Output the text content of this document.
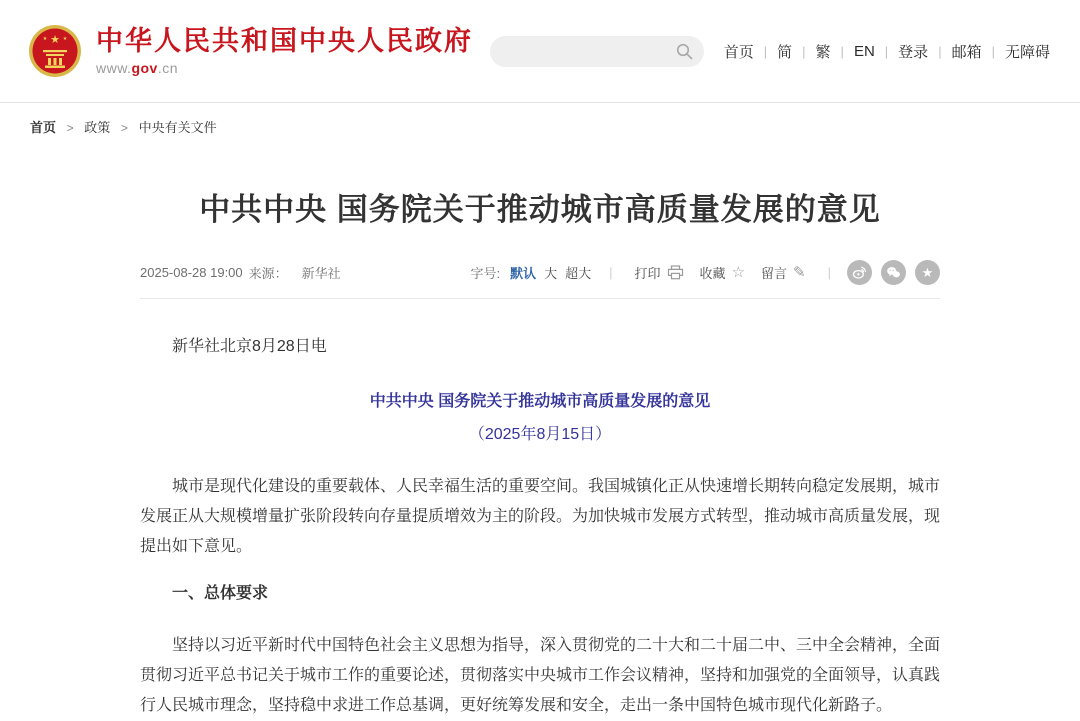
★
★	★ 中华人民共和国中央人民政府
www.gov.cn
首页 | 简 | 繁 | EN | 登录 | 邮箱 | 无障碍
首页 > 政策 > 中央有关文件
中共中央 国务院关于推动城市高质量发展的意见
2025-08-28 19:00 来源： 新华社	字号: 默认 大 超大 | 打印	收藏 ☆ 留言 ✎ |	★

新华社北京8月28日电

中共中央 国务院关于推动城市高质量发展的意见

（2025年8月15日）

城市是现代化建设的重要载体、人民幸福生活的重要空间。我国城镇化正从快速增长期转向稳定发展期，城市发展正从大规模增量扩张阶段转向存量提质增效为主的阶段。为加快城市发展方式转型，推动城市高质量发展，现提出如下意见。

一、总体要求

坚持以习近平新时代中国特色社会主义思想为指导，深入贯彻党的二十大和二十届二中、三中全会精神，全面贯彻习近平总书记关于城市工作的重要论述，贯彻落实中央城市工作会议精神，坚持和加强党的全面领导，认真践行人民城市理念，坚持稳中求进工作总基调，更好统筹发展和安全，走出一条中国特色城市现代化新路子。
